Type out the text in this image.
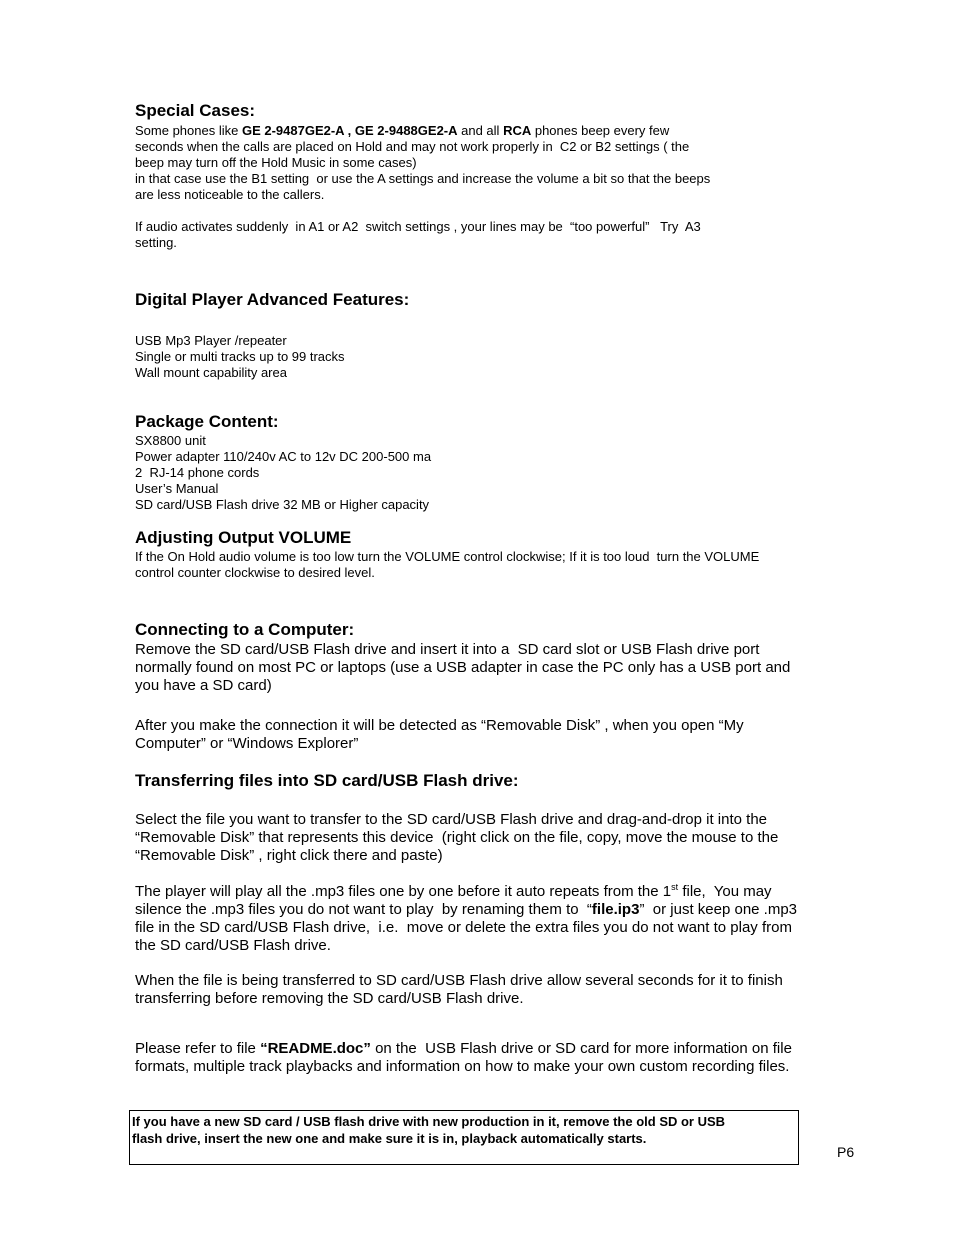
Special Cases:

Some phones like GE 2-9487GE2-A , GE 2-9488GE2-A and all RCA phones beep every few

seconds when the calls are placed on Hold and may not work properly in  C2 or B2 settings ( the

beep may turn off the Hold Music in some cases)

in that case use the B1 setting  or use the A settings and increase the volume a bit so that the beeps

are less noticeable to the callers.

If audio activates suddenly  in A1 or A2  switch settings , your lines may be  “too powerful”   Try  A3

setting.

Digital Player Advanced Features:

USB Mp3 Player /repeater

Single or multi tracks up to 99 tracks

Wall mount capability area

Package Content:

SX8800 unit

Power adapter 110/240v AC to 12v DC 200-500 ma

2  RJ-14 phone cords

User’s Manual

SD card/USB Flash drive 32 MB or Higher capacity

Adjusting Output VOLUME

If the On Hold audio volume is too low turn the VOLUME control clockwise; If it is too loud  turn the VOLUME

control counter clockwise to desired level.

Connecting to a Computer:

Remove the SD card/USB Flash drive and insert it into a  SD card slot or USB Flash drive port

normally found on most PC or laptops (use a USB adapter in case the PC only has a USB port and

you have a SD card)

After you make the connection it will be detected as “Removable Disk” , when you open “My

Computer” or “Windows Explorer”

Transferring files into SD card/USB Flash drive:

Select the file you want to transfer to the SD card/USB Flash drive and drag-and-drop it into the

“Removable Disk” that represents this device  (right click on the file, copy, move the mouse to the

“Removable Disk” , right click there and paste)

The player will play all the .mp3 files one by one before it auto repeats from the 1st file,  You may

silence the .mp3 files you do not want to play  by renaming them to  “file.ip3”  or just keep one .mp3

file in the SD card/USB Flash drive,  i.e.  move or delete the extra files you do not want to play from

the SD card/USB Flash drive.

When the file is being transferred to SD card/USB Flash drive allow several seconds for it to finish

transferring before removing the SD card/USB Flash drive.

Please refer to file “README.doc” on the  USB Flash drive or SD card for more information on file

formats, multiple track playbacks and information on how to make your own custom recording files.

If you have a new SD card / USB flash drive with new production in it, remove the old SD or USB

flash drive, insert the new one and make sure it is in, playback automatically starts.

P6
